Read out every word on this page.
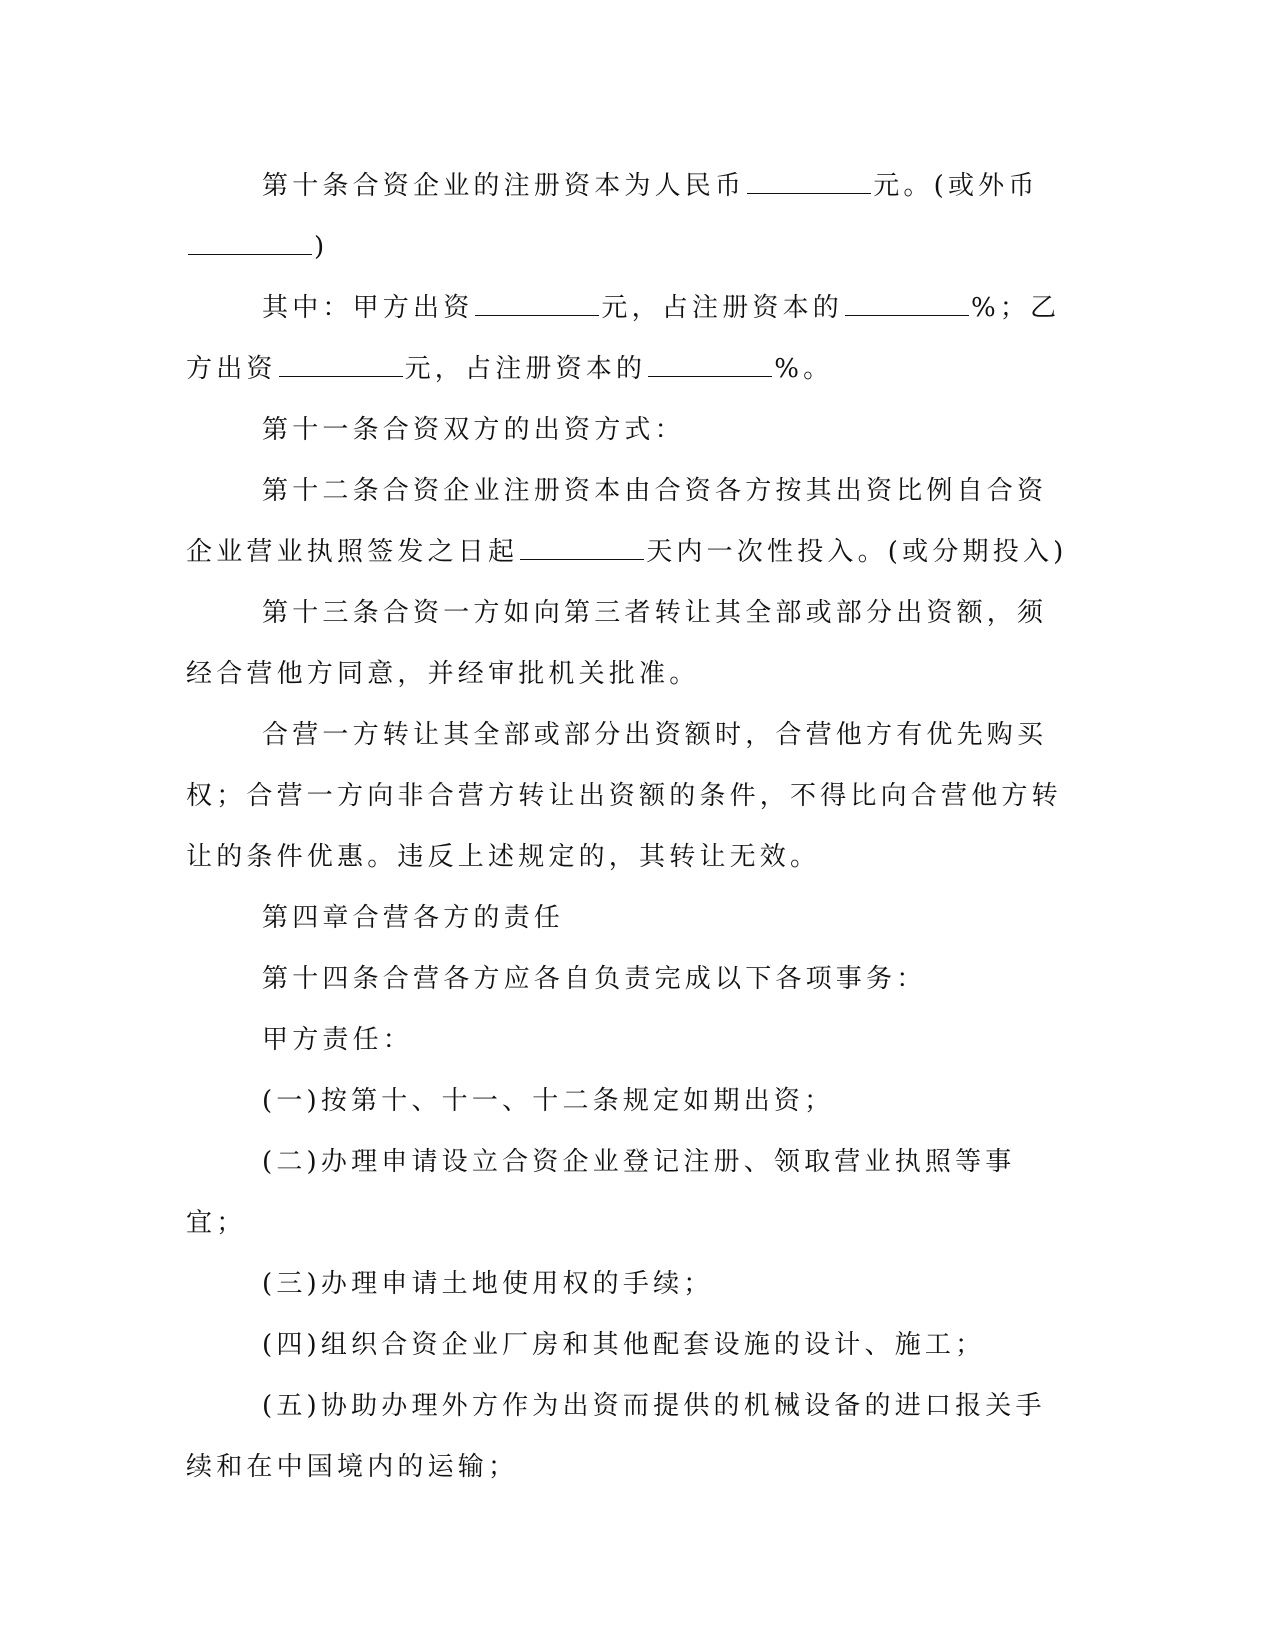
第十条合资企业的注册资本为人民币	元。(或外币)

其中：甲方出资	元，占注册资本的	%；乙方出资	元，占注册资本的	%。

第十一条合资双方的出资方式：

第十二条合资企业注册资本由合资各方按其出资比例自合资企业营业执照签发之日起	天内一次性投入。(或分期投入)

第十三条合资一方如向第三者转让其全部或部分出资额，须经合营他方同意，并经审批机关批准。

合营一方转让其全部或部分出资额时，合营他方有优先购买权；合营一方向非合营方转让出资额的条件，不得比向合营他方转让的条件优惠。违反上述规定的，其转让无效。

第四章合营各方的责任

第十四条合营各方应各自负责完成以下各项事务：

甲方责任：

(一)按第十、十一、十二条规定如期出资；

(二)办理申请设立合资企业登记注册、领取营业执照等事宜；

(三)办理申请土地使用权的手续；

(四)组织合资企业厂房和其他配套设施的设计、施工；

(五)协助办理外方作为出资而提供的机械设备的进口报关手续和在中国境内的运输；
